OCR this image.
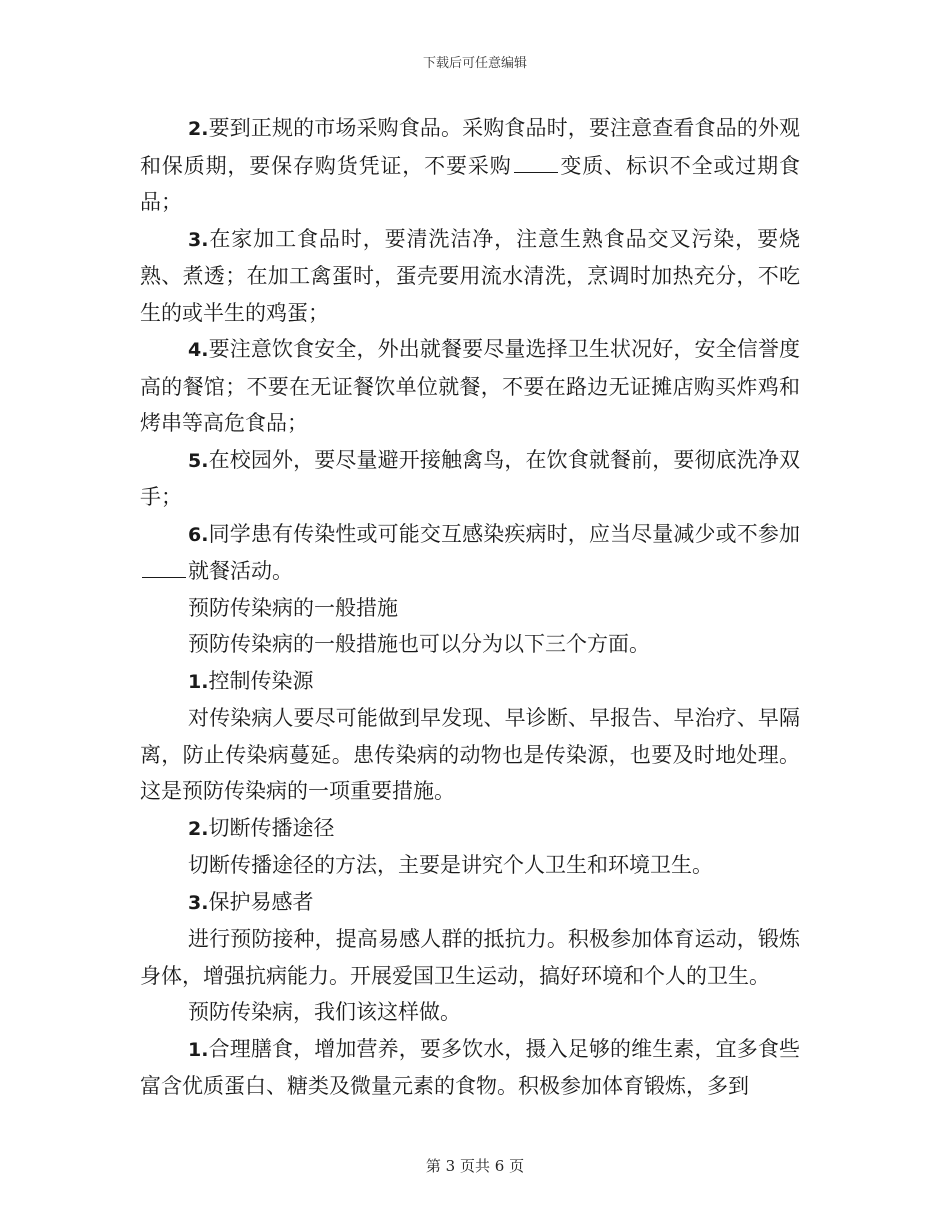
下载后可任意编辑

2.要到正规的市场采购食品。采购食品时，要注意查看食品的外观和保质期，要保存购货凭证，不要采购 变质、标识不全或过期食品；

3.在家加工食品时，要清洗洁净，注意生熟食品交叉污染，要烧熟、煮透；在加工禽蛋时，蛋壳要用流水清洗，烹调时加热充分，不吃生的或半生的鸡蛋；

4.要注意饮食安全，外出就餐要尽量选择卫生状况好，安全信誉度高的餐馆；不要在无证餐饮单位就餐，不要在路边无证摊店购买炸鸡和烤串等高危食品；

5.在校园外，要尽量避开接触禽鸟，在饮食就餐前，要彻底洗净双手；

6.同学患有传染性或可能交互感染疾病时，应当尽量减少或不参加就餐活动。

预防传染病的一般措施

预防传染病的一般措施也可以分为以下三个方面。

1.控制传染源

对传染病人要尽可能做到早发现、早诊断、早报告、早治疗、早隔离，防止传染病蔓延。患传染病的动物也是传染源，也要及时地处理。这是预防传染病的一项重要措施。

2.切断传播途径

切断传播途径的方法，主要是讲究个人卫生和环境卫生。

3.保护易感者

进行预防接种，提高易感人群的抵抗力。积极参加体育运动，锻炼身体，增强抗病能力。开展爱国卫生运动，搞好环境和个人的卫生。

预防传染病，我们该这样做。

1.合理膳食，增加营养，要多饮水，摄入足够的维生素，宜多食些富含优质蛋白、糖类及微量元素的食物。积极参加体育锻炼，多到

第 3 页共 6 页
